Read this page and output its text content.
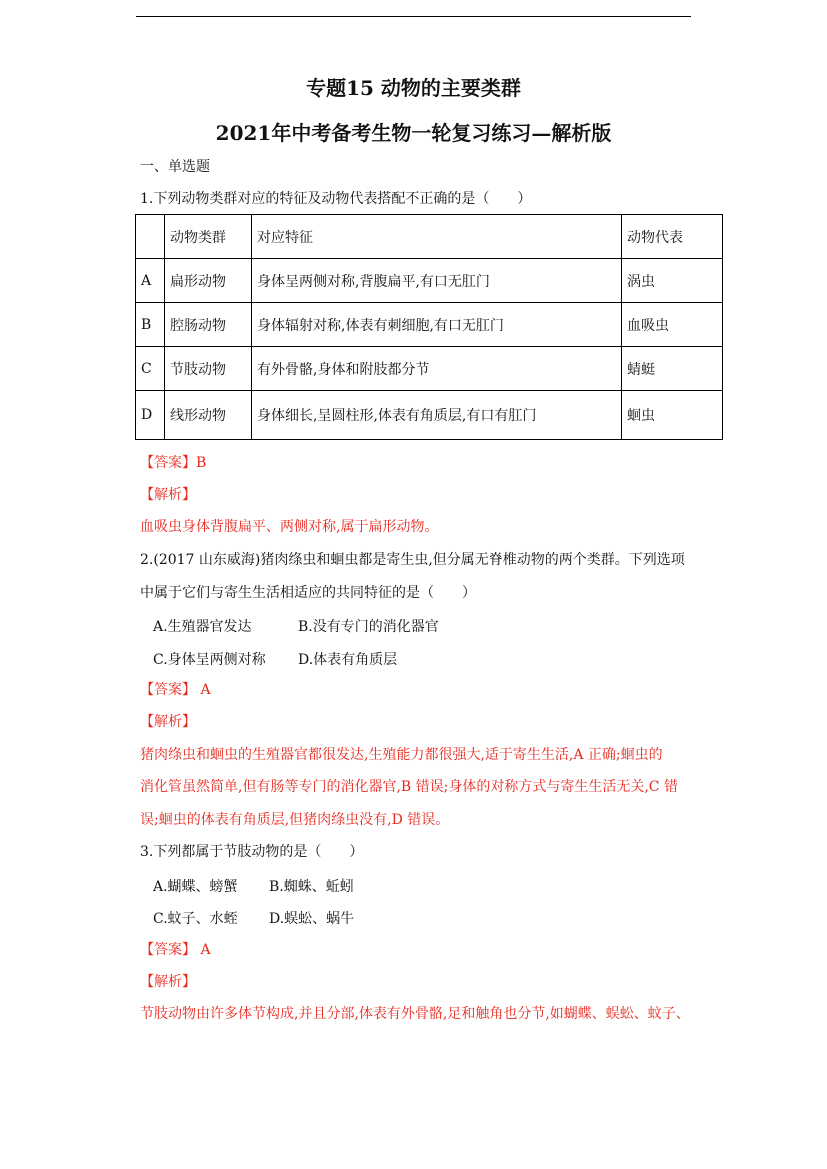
专题15 动物的主要类群
2021年中考备考生物一轮复习练习—解析版
一、单选题
1.下列动物类群对应的特征及动物代表搭配不正确的是（　　）
	动物类群	对应特征	动物代表
A	扁形动物	身体呈两侧对称,背腹扁平,有口无肛门	涡虫
B	腔肠动物	身体辐射对称,体表有刺细胞,有口无肛门	血吸虫
C	节肢动物	有外骨骼,身体和附肢都分节	蜻蜓
D	线形动物	身体细长,呈圆柱形,体表有角质层,有口有肛门	蛔虫
【答案】B
【解析】
血吸虫身体背腹扁平、两侧对称,属于扁形动物。
2.(2017 山东威海)猪肉绦虫和蛔虫都是寄生虫,但分属无脊椎动物的两个类群。下列选项
中属于它们与寄生生活相适应的共同特征的是（　　）
A.生殖器官发达	B.没有专门的消化器官
C.身体呈两侧对称 D.体表有角质层
【答案】 A
【解析】
猪肉绦虫和蛔虫的生殖器官都很发达,生殖能力都很强大,适于寄生生活,A 正确;蛔虫的
消化管虽然简单,但有肠等专门的消化器官,B 错误;身体的对称方式与寄生生活无关,C 错
误;蛔虫的体表有角质层,但猪肉绦虫没有,D 错误。
3.下列都属于节肢动物的是（　　）
A.蝴蝶、螃蟹 B.蜘蛛、蚯蚓
C.蚊子、水蛭 D.蜈蚣、蜗牛
【答案】 A
【解析】
节肢动物由许多体节构成,并且分部,体表有外骨骼,足和触角也分节,如蝴蝶、蜈蚣、蚊子、
